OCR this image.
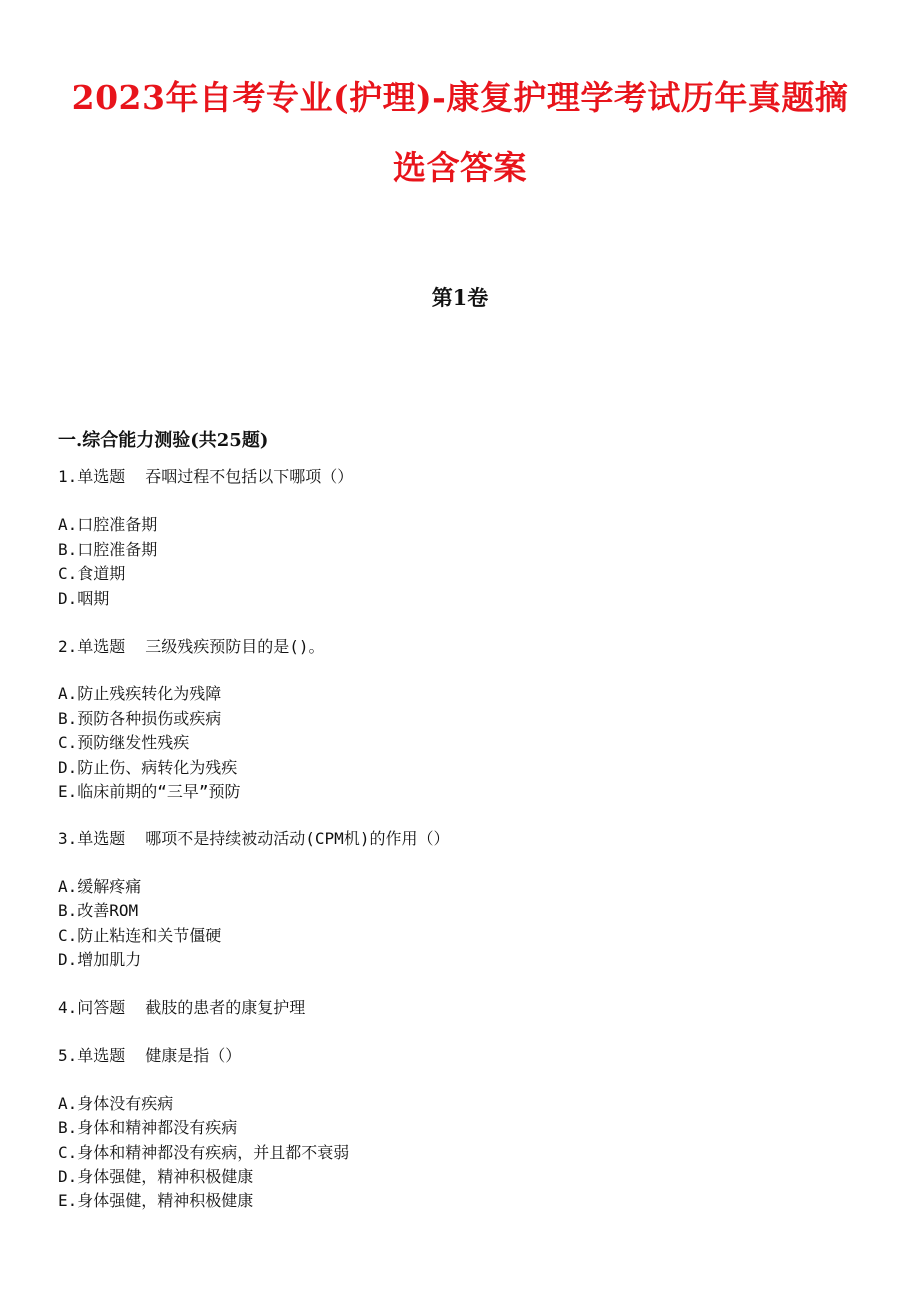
2023年自考专业(护理)-康复护理学考试历年真题摘
选含答案
第1卷
一.综合能力测验(共25题)
1.单选题 吞咽过程不包括以下哪项（）
A.口腔准备期
B.口腔准备期
C.食道期
D.咽期
2.单选题 三级残疾预防目的是()。
A.防止残疾转化为残障
B.预防各种损伤或疾病
C.预防继发性残疾
D.防止伤、病转化为残疾
E.临床前期的“三早”预防
3.单选题 哪项不是持续被动活动(CPM机)的作用（）
A.缓解疼痛
B.改善ROM
C.防止粘连和关节僵硬
D.增加肌力
4.问答题 截肢的患者的康复护理
5.单选题 健康是指（）
A.身体没有疾病
B.身体和精神都没有疾病
C.身体和精神都没有疾病，并且都不衰弱
D.身体强健，精神积极健康
E.身体强健，精神积极健康
